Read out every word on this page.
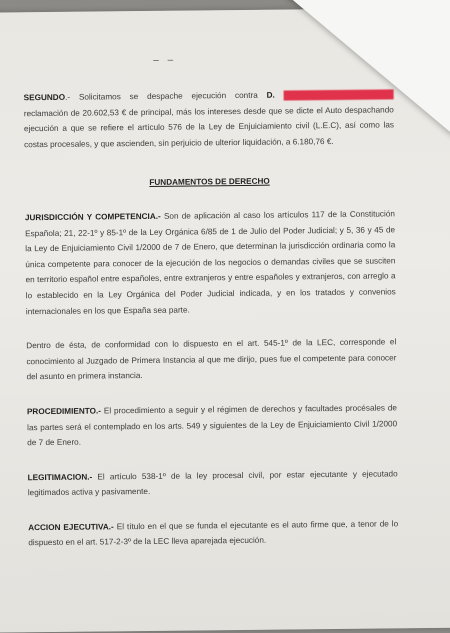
– –

SEGUNDO.- Solicitamos se despache ejecución contra D.  reclamación de 20.602,53 € de principal, más los intereses desde que se dicte el Auto despachando ejecución a que se refiere el artículo 576 de la Ley de Enjuiciamiento civil (L.E.C), así como las costas procesales, y que ascienden, sin perjuicio de ulterior liquidación, a 6.180,76 €.

FUNDAMENTOS DE DERECHO

JURISDICCIÓN Y COMPETENCIA.- Son de aplicación al caso los artículos 117 de la Constitución Española; 21, 22-1º y 85-1º de la Ley Orgánica 6/85 de 1 de Julio del Poder Judicial; y 5, 36 y 45 de la Ley de Enjuiciamiento Civil 1/2000 de 7 de Enero, que determinan la jurisdicción ordinaria como la única competente para conocer de la ejecución de los negocios o demandas civiles que se susciten en territorio español entre españoles, entre extranjeros y entre españoles y extranjeros, con arreglo a lo establecido en la Ley Orgánica del Poder Judicial indicada, y en los tratados y convenios internacionales en los que España sea parte.

Dentro de ésta, de conformidad con lo dispuesto en el art. 545-1º de la LEC, corresponde el conocimiento al Juzgado de Primera Instancia al que me dirijo, pues fue el competente para conocer del asunto en primera instancia.

PROCEDIMIENTO.- El procedimiento a seguir y el régimen de derechos y facultades procésales de las partes será el contemplado en los arts. 549 y siguientes de la Ley de Enjuiciamiento Civil 1/2000 de 7 de Enero.

LEGITIMACION.- El artículo 538-1º de la ley procesal civil, por estar ejecutante y ejecutado legitimados activa y pasivamente.

ACCION EJECUTIVA.- El título en el que se funda el ejecutante es el auto firme que, a tenor de lo dispuesto en el art. 517-2-3º de la LEC lleva aparejada ejecución.
